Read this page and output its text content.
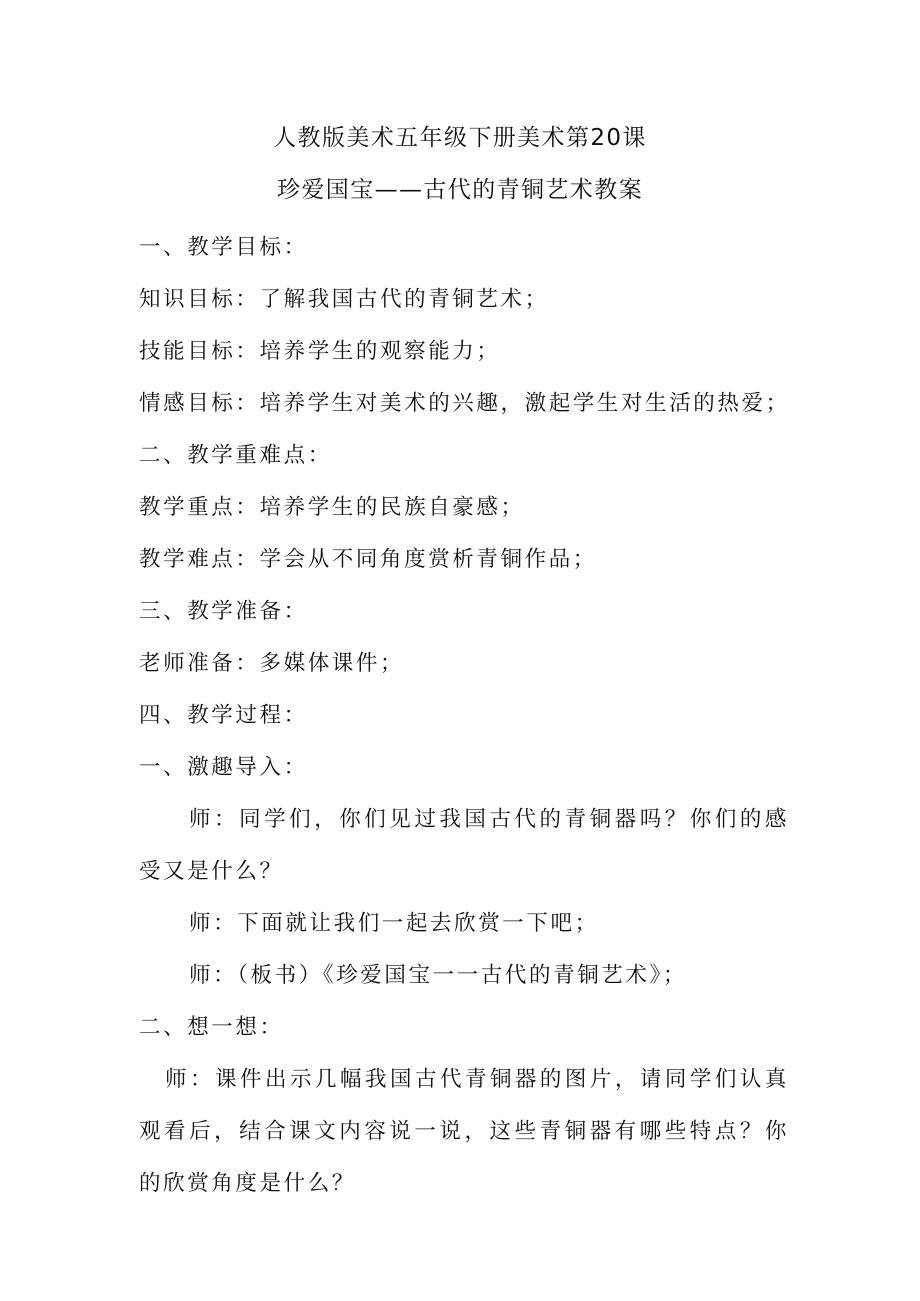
人教版美术五年级下册美术第20课
珍爱国宝——古代的青铜艺术教案
一、教学目标：
知识目标：了解我国古代的青铜艺术；
技能目标：培养学生的观察能力；
情感目标：培养学生对美术的兴趣，激起学生对生活的热爱；
二、教学重难点：
教学重点：培养学生的民族自豪感；
教学难点：学会从不同角度赏析青铜作品；
三、教学准备：
老师准备：多媒体课件；
四、教学过程：
一、激趣导入：
师：同学们，你们见过我国古代的青铜器吗？你们的感受又是什么？
师：下面就让我们一起去欣赏一下吧；
师：（板书）《珍爱国宝一一古代的青铜艺术》；
二、想一想：
师：课件出示几幅我国古代青铜器的图片，请同学们认真观看后，结合课文内容说一说，这些青铜器有哪些特点？你的欣赏角度是什么？
